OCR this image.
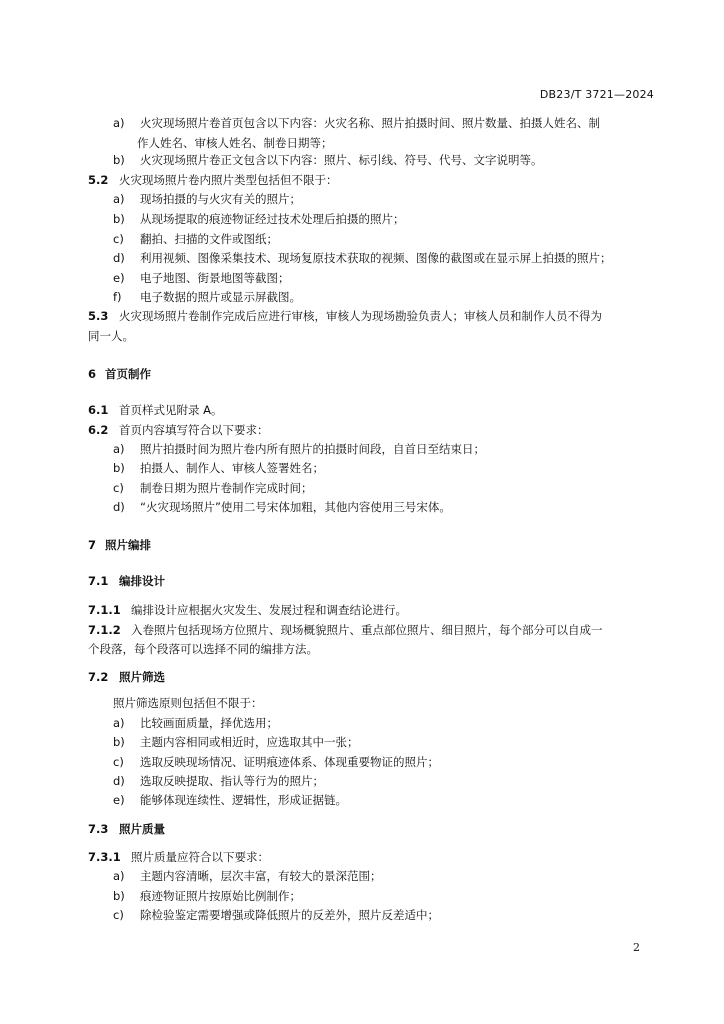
DB23/T 3721—2024
a) 火灾现场照片卷首页包含以下内容：火灾名称、照片拍摄时间、照片数量、拍摄人姓名、制
作人姓名、审核人姓名、制卷日期等；
b) 火灾现场照片卷正文包含以下内容：照片、标引线、符号、代号、文字说明等。
5.2 火灾现场照片卷内照片类型包括但不限于：
a) 现场拍摄的与火灾有关的照片；
b) 从现场提取的痕迹物证经过技术处理后拍摄的照片；
c) 翻拍、扫描的文件或图纸；
d) 利用视频、图像采集技术、现场复原技术获取的视频、图像的截图或在显示屏上拍摄的照片；
e) 电子地图、街景地图等截图；
f) 电子数据的照片或显示屏截图。
5.3 火灾现场照片卷制作完成后应进行审核，审核人为现场勘验负责人；审核人员和制作人员不得为
同一人。
6 首页制作
6.1 首页样式见附录 A。
6.2 首页内容填写符合以下要求：
a) 照片拍摄时间为照片卷内所有照片的拍摄时间段，自首日至结束日；
b) 拍摄人、制作人、审核人签署姓名；
c) 制卷日期为照片卷制作完成时间；
d) “火灾现场照片”使用二号宋体加粗，其他内容使用三号宋体。
7 照片编排
7.1 编排设计
7.1.1 编排设计应根据火灾发生、发展过程和调查结论进行。
7.1.2 入卷照片包括现场方位照片、现场概貌照片、重点部位照片、细目照片，每个部分可以自成一
个段落，每个段落可以选择不同的编排方法。
7.2 照片筛选
照片筛选原则包括但不限于：
a) 比较画面质量，择优选用；
b) 主题内容相同或相近时，应选取其中一张；
c) 选取反映现场情况、证明痕迹体系、体现重要物证的照片；
d) 选取反映提取、指认等行为的照片；
e) 能够体现连续性、逻辑性，形成证据链。
7.3 照片质量
7.3.1 照片质量应符合以下要求：
a) 主题内容清晰，层次丰富，有较大的景深范围；
b) 痕迹物证照片按原始比例制作；
c) 除检验鉴定需要增强或降低照片的反差外，照片反差适中；
2
